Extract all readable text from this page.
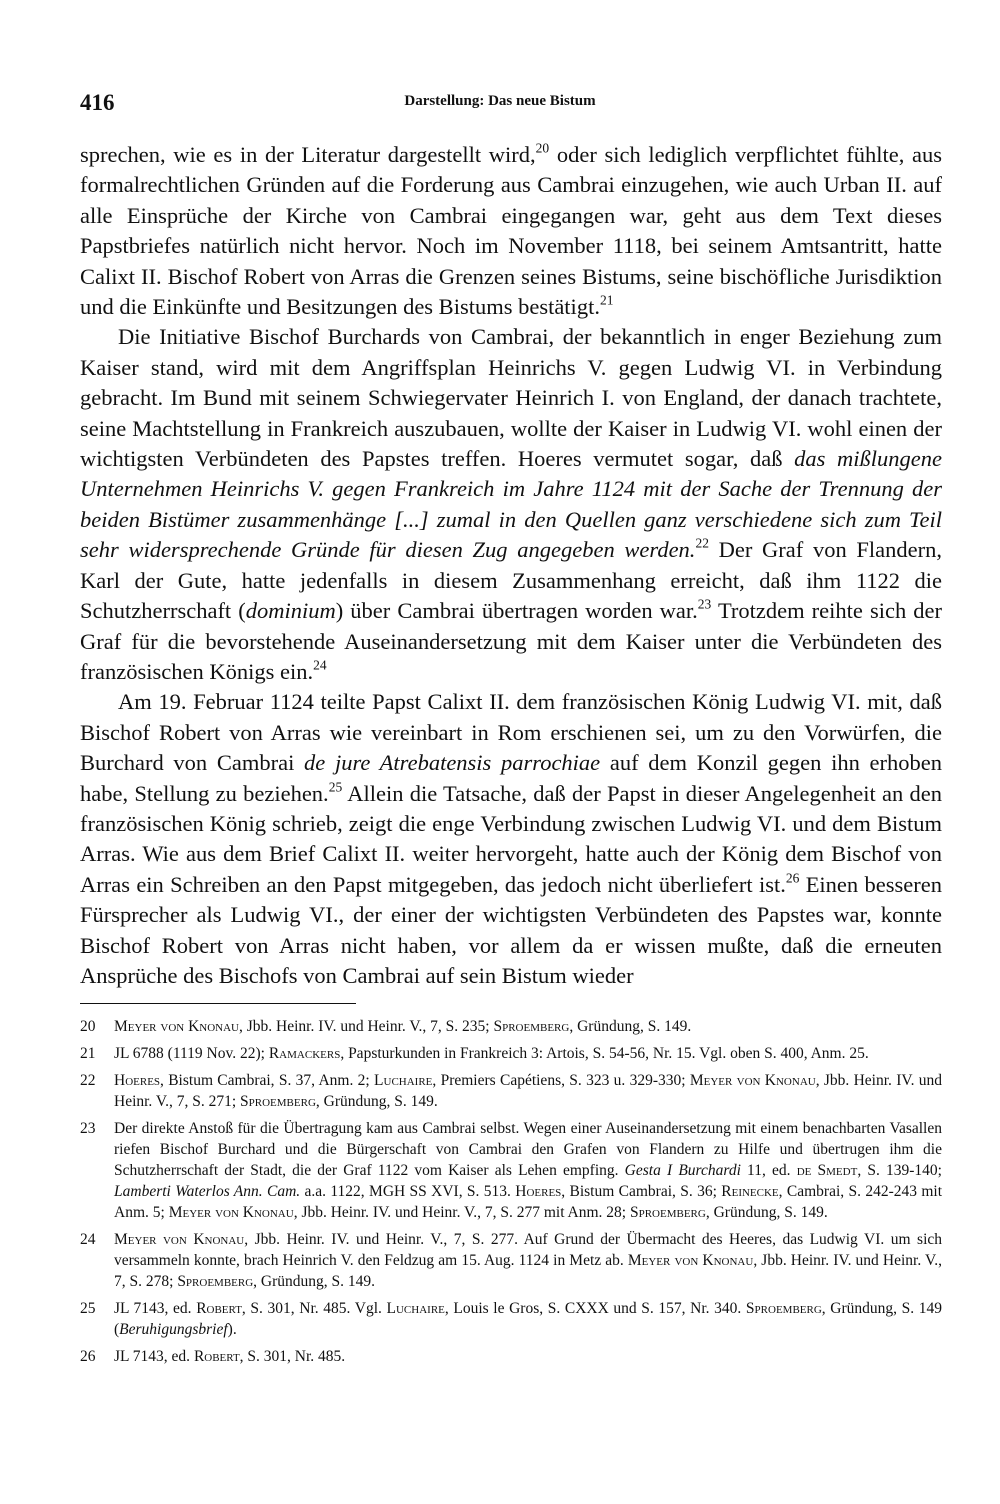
416	Darstellung: Das neue Bistum

sprechen, wie es in der Literatur dargestellt wird,$^{20}$ oder sich lediglich verpflichtet fühlte, aus formalrechtlichen Gründen auf die Forderung aus Cambrai einzugehen, wie auch Urban II. auf alle Einsprüche der Kirche von Cambrai eingegangen war, geht aus dem Text dieses Papstbriefes natürlich nicht hervor. Noch im November 1118, bei seinem Amtsantritt, hatte Calixt II. Bischof Robert von Arras die Grenzen seines Bistums, seine bischöfliche Jurisdiktion und die Einkünfte und Besitzungen des Bistums bestätigt.$^{21}$

Die Initiative Bischof Burchards von Cambrai, der bekanntlich in enger Beziehung zum Kaiser stand, wird mit dem Angriffsplan Heinrichs V. gegen Ludwig VI. in Verbindung gebracht. Im Bund mit seinem Schwiegervater Heinrich I. von England, der danach trachtete, seine Machtstellung in Frankreich auszubauen, wollte der Kaiser in Ludwig VI. wohl einen der wichtigsten Verbündeten des Papstes treffen. Hoeres vermutet sogar, daß das mißlungene Unternehmen Heinrichs V. gegen Frankreich im Jahre 1124 mit der Sache der Trennung der beiden Bistümer zusammenhänge [...] zumal in den Quellen ganz verschiedene sich zum Teil sehr widersprechende Gründe für diesen Zug angegeben werden.$^{22}$ Der Graf von Flandern, Karl der Gute, hatte jedenfalls in diesem Zusammenhang erreicht, daß ihm 1122 die Schutzherrschaft (dominium) über Cambrai übertragen worden war.$^{23}$ Trotzdem reihte sich der Graf für die bevorstehende Auseinandersetzung mit dem Kaiser unter die Verbündeten des französischen Königs ein.$^{24}$

Am 19. Februar 1124 teilte Papst Calixt II. dem französischen König Ludwig VI. mit, daß Bischof Robert von Arras wie vereinbart in Rom erschienen sei, um zu den Vorwürfen, die Burchard von Cambrai de jure Atrebatensis parrochiae auf dem Konzil gegen ihn erhoben habe, Stellung zu beziehen.$^{25}$ Allein die Tatsache, daß der Papst in dieser Angelegenheit an den französischen König schrieb, zeigt die enge Verbindung zwischen Ludwig VI. und dem Bistum Arras. Wie aus dem Brief Calixt II. weiter hervorgeht, hatte auch der König dem Bischof von Arras ein Schreiben an den Papst mitgegeben, das jedoch nicht überliefert ist.$^{26}$ Einen besseren Fürsprecher als Ludwig VI., der einer der wichtigsten Verbündeten des Papstes war, konnte Bischof Robert von Arras nicht haben, vor allem da er wissen mußte, daß die erneuten Ansprüche des Bischofs von Cambrai auf sein Bistum wieder

20	Meyer von Knonau, Jbb. Heinr. IV. und Heinr. V., 7, S. 235; Sproemberg, Gründung, S. 149.
21	JL 6788 (1119 Nov. 22); Ramackers, Papsturkunden in Frankreich 3: Artois, S. 54-56, Nr. 15. Vgl. oben S. 400, Anm. 25.
22	Hoeres, Bistum Cambrai, S. 37, Anm. 2; Luchaire, Premiers Capétiens, S. 323 u. 329-330; Meyer von Knonau, Jbb. Heinr. IV. und Heinr. V., 7, S. 271; Sproemberg, Gründung, S. 149.
23	Der direkte Anstoß für die Übertragung kam aus Cambrai selbst. Wegen einer Auseinandersetzung mit einem benachbarten Vasallen riefen Bischof Burchard und die Bürgerschaft von Cambrai den Grafen von Flandern zu Hilfe und übertrugen ihm die Schutzherrschaft der Stadt, die der Graf 1122 vom Kaiser als Lehen empfing. Gesta I Burchardi 11, ed. de Smedt, S. 139-140; Lamberti Waterlos Ann. Cam. a.a. 1122, MGH SS XVI, S. 513. Hoeres, Bistum Cambrai, S. 36; Reinecke, Cambrai, S. 242-243 mit Anm. 5; Meyer von Knonau, Jbb. Heinr. IV. und Heinr. V., 7, S. 277 mit Anm. 28; Sproemberg, Gründung, S. 149.
24	Meyer von Knonau, Jbb. Heinr. IV. und Heinr. V., 7, S. 277. Auf Grund der Übermacht des Heeres, das Ludwig VI. um sich versammeln konnte, brach Heinrich V. den Feldzug am 15. Aug. 1124 in Metz ab. Meyer von Knonau, Jbb. Heinr. IV. und Heinr. V., 7, S. 278; Sproemberg, Gründung, S. 149.
25	JL 7143, ed. Robert, S. 301, Nr. 485. Vgl. Luchaire, Louis le Gros, S. CXXX und S. 157, Nr. 340. Sproemberg, Gründung, S. 149 (Beruhigungsbrief).
26	JL 7143, ed. Robert, S. 301, Nr. 485.
